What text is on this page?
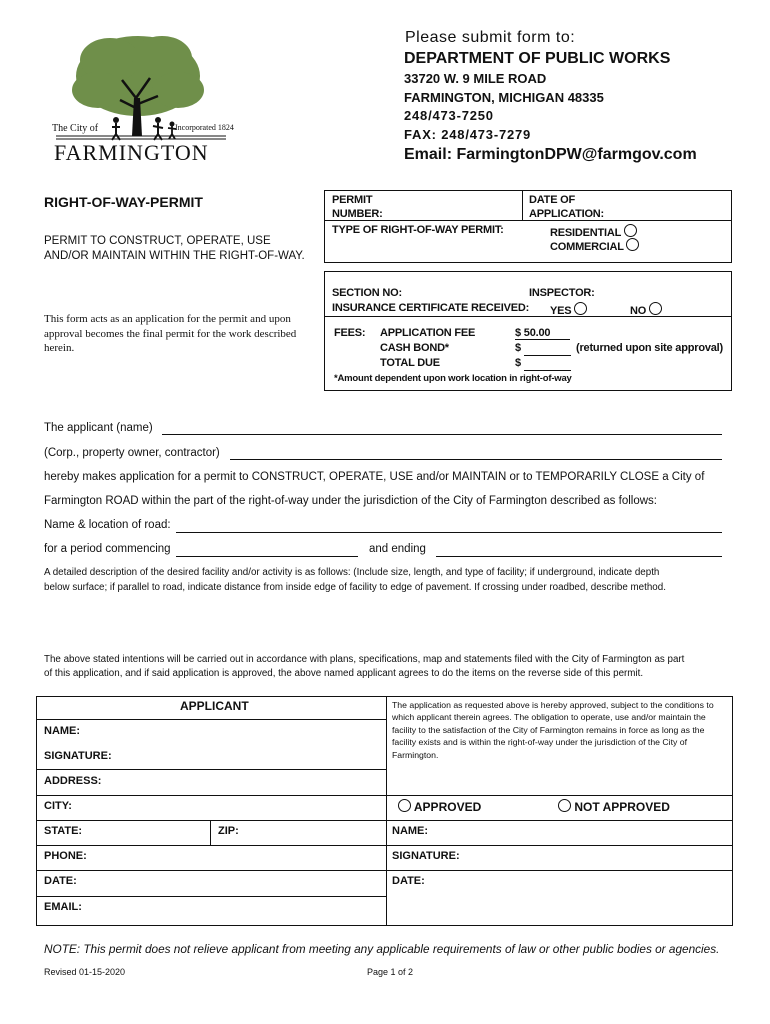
The City of	Incorporated 1824
FARMINGTON
Please submit form to:
DEPARTMENT OF PUBLIC WORKS
33720 W. 9 MILE ROAD
FARMINGTON, MICHIGAN 48335
248/473-7250
FAX: 248/473-7279
Email: FarmingtonDPW@farmgov.com
RIGHT-OF-WAY-PERMIT
PERMIT TO CONSTRUCT, OPERATE, USE AND/OR MAINTAIN WITHIN THE RIGHT-OF-WAY.
This form acts as an application for the permit and upon approval becomes the final permit for the work described herein.
PERMIT NUMBER:
DATE OF APPLICATION:
TYPE OF RIGHT-OF-WAY PERMIT:	RESIDENTIAL
COMMERCIAL
SECTION NO:	INSPECTOR:
INSURANCE CERTIFICATE RECEIVED: YES	NO
FEES: APPLICATION FEE	$ 50.00
CASH BOND*	$	(returned upon site approval)
TOTAL DUE	$
*Amount dependent upon work location in right-of-way
The applicant (name)
(Corp., property owner, contractor)
hereby makes application for a permit to CONSTRUCT, OPERATE, USE and/or MAINTAIN or to TEMPORARILY CLOSE a City of
Farmington ROAD within the part of the right-of-way under the jurisdiction of the City of Farmington described as follows:
Name & location of road:
for a period commencing	and ending
A detailed description of the desired facility and/or activity is as follows: (Include size, length, and type of facility; if underground, indicate depth
below surface; if parallel to road, indicate distance from inside edge of facility to edge of pavement. If crossing under roadbed, describe method.
The above stated intentions will be carried out in accordance with plans, specifications, map and statements filed with the City of Farmington as part
of this application, and if said application is approved, the above named applicant agrees to do the items on the reverse side of this permit.
APPLICANT
NAME:
SIGNATURE:
ADDRESS:
CITY:
STATE:	ZIP:
PHONE:
DATE:
EMAIL:
The application as requested above is hereby approved, subject to the conditions to which applicant therein agrees. The obligation to operate, use and/or maintain the facility to the satisfaction of the City of Farmington remains in force as long as the facility exists and is within the right-of-way under the jurisdiction of the City of Farmington.
APPROVED	NOT APPROVED
NAME:
SIGNATURE:
DATE:
NOTE: This permit does not relieve applicant from meeting any applicable requirements of law or other public bodies or agencies.
Revised 01-15-2020	Page 1 of 2
